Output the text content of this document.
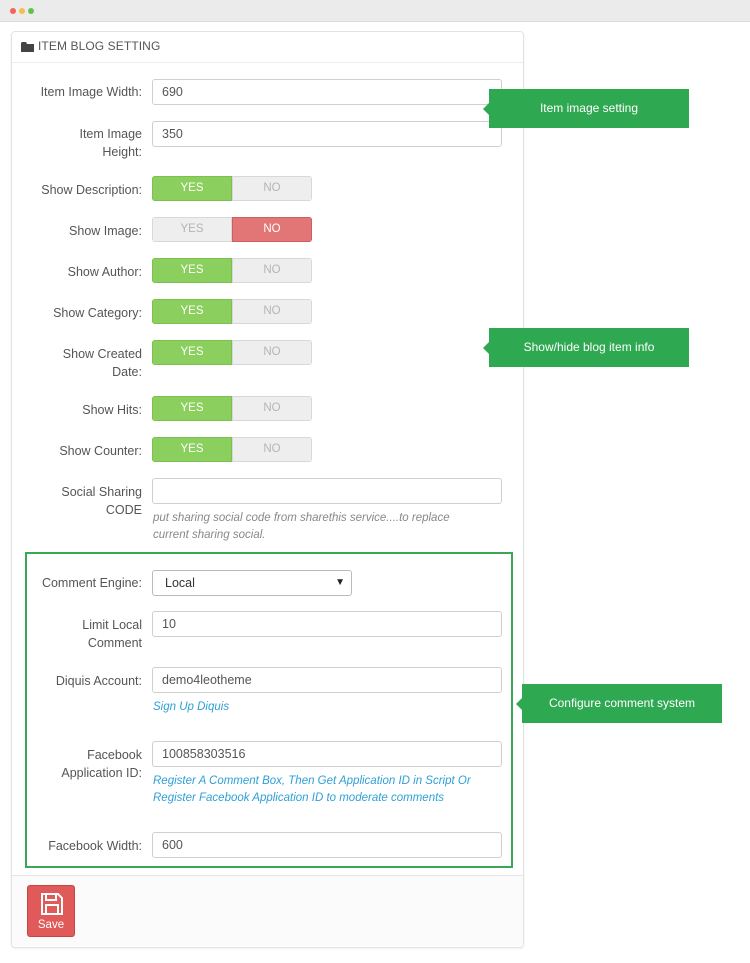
ITEM BLOG SETTING
Item Image Width:	690
Item Image
Height:
350
Show Description:	YES	NO
Show Image:	YES	NO
Show Author:	YES	NO
Show Category:	YES	NO
Show Created
Date:
YES	NO
Show Hits:	YES	NO
Show Counter:	YES	NO
Social Sharing
CODE
put sharing social code from sharethis service....to replace
current sharing social.
Comment Engine:	Local	▼
Limit Local
Comment
10
Diquis Account:	demo4leotheme
Sign Up Diquis
Facebook
Application ID:
100858303516
Register A Comment Box, Then Get Application ID in Script Or
Register Facebook Application ID to moderate comments
Facebook Width:	600
Save
Item image setting
Show/hide blog item info
Configure comment system
